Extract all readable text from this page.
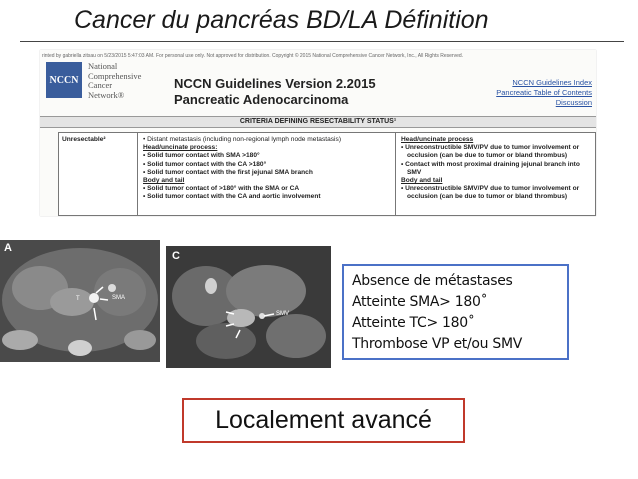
Cancer du pancréas BD/LA Définition
rinted by gabriella zitsau on 5/23/2015 5:47:03 AM. For personal use only. Not approved for distribution. Copyright © 2015 National Comprehensive Cancer Network, Inc., All Rights Reserved.
NCCN
National
Comprehensive
Cancer
Network®
NCCN Guidelines Version 2.2015
Pancreatic Adenocarcinoma
NCCN Guidelines Index
Pancreatic Table of Contents
Discussion
CRITERIA DEFINING RESECTABILITY STATUS¹
Unresectable²	• Distant metastasis (including non-regional lymph node metastasis)
Head/uncinate process:
• Solid tumor contact with SMA >180°
• Solid tumor contact with the CA >180°
• Solid tumor contact with the first jejunal SMA branch
Body and tail
• Solid tumor contact of >180° with the SMA or CA
• Solid tumor contact with the CA and aortic involvement
Head/uncinate process
• Unreconstructible SMV/PV due to tumor involvement or
occlusion (can be due to tumor or bland thrombus)
• Contact with most proximal draining jejunal branch into
SMV
Body and tail
• Unreconstructible SMV/PV due to tumor involvement or
occlusion (can be due to tumor or bland thrombus)
A
T	SMA
C
SMV
Absence de métastases
Atteinte SMA> 180˚
Atteinte TC> 180˚
Thrombose VP et/ou SMV
Localement avancé
